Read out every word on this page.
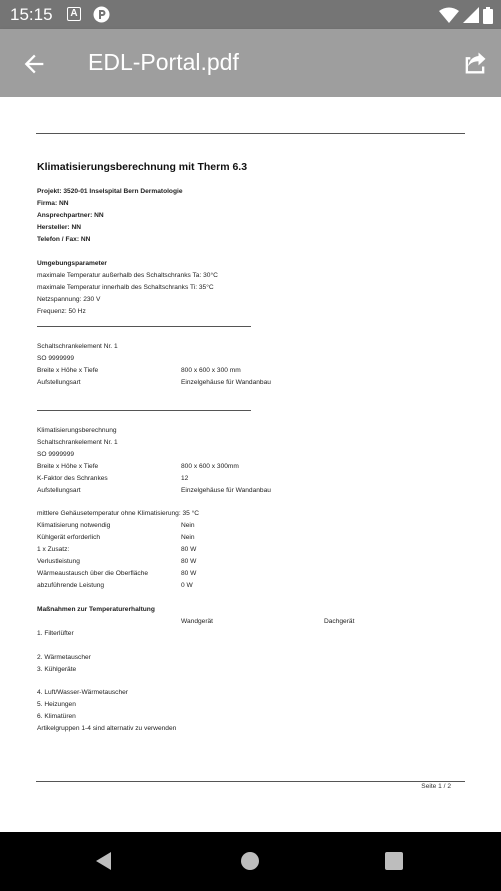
15:15	A
EDL-Portal.pdf
Klimatisierungsberechnung mit Therm 6.3
Projekt: 3520-01 Inselspital Bern Dermatologie
Firma: NN
Ansprechpartner: NN
Hersteller: NN
Telefon / Fax: NN
Umgebungsparameter
maximale Temperatur außerhalb des Schaltschranks Ta: 30°C
maximale Temperatur innerhalb des Schaltschranks Ti: 35°C
Netzspannung: 230 V
Frequenz: 50 Hz
Schaltschrankelement Nr. 1
SO 9999999
Breite x Höhe x Tiefe	800 x 600 x 300 mm
Aufstellungsart	Einzelgehäuse für Wandanbau
Klimatisierungsberechnung
Schaltschrankelement Nr. 1
SO 9999999
Breite x Höhe x Tiefe	800 x 600 x 300mm
K-Faktor des Schrankes	12
Aufstellungsart	Einzelgehäuse für Wandanbau
mittlere Gehäusetemperatur ohne Klimatisierung: 35 °C
Klimatisierung notwendig	Nein
Kühlgerät erforderlich	Nein
1 x Zusatz:	80 W
Verlustleistung	80 W
Wärmeaustausch über die Oberfläche	80 W
abzuführende Leistung	0 W
Maßnahmen zur Temperaturerhaltung
Wandgerät	Dachgerät
1. Filterlüfter
2. Wärmetauscher
3. Kühlgeräte
4. Luft/Wasser-Wärmetauscher
5. Heizungen
6. Klimatüren
Artikelgruppen 1-4 sind alternativ zu verwenden
Seite 1 / 2
